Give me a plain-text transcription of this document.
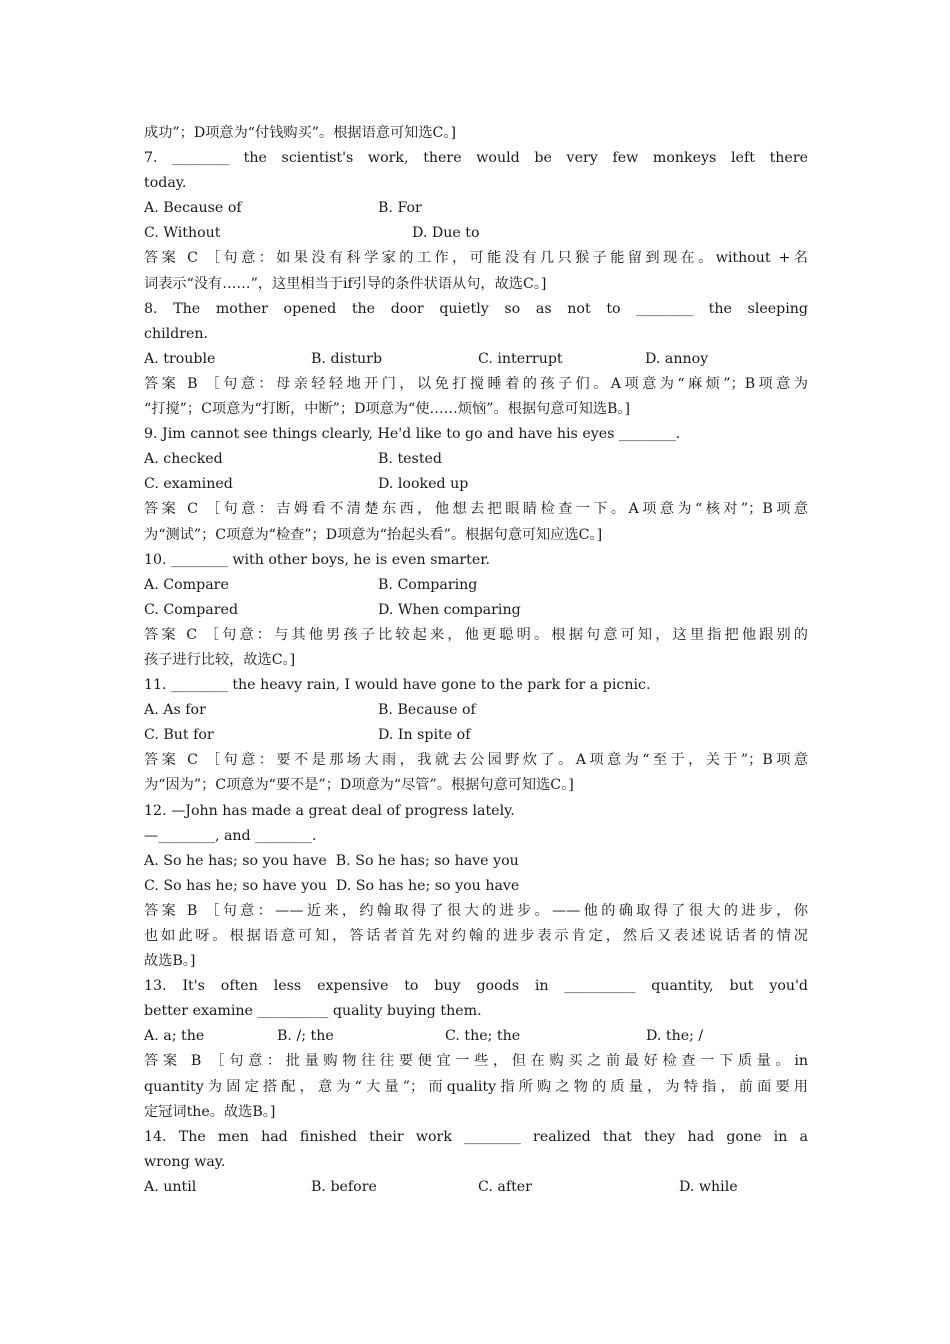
成功”；D项意为“付钱购买”。根据语意可知选C。]
7. ________ the scientist's work, there would be very few monkeys left there
today.
A. Because of	B. For
C. Without	D. Due to
答案 C ［句意：如果没有科学家的工作，可能没有几只猴子能留到现在。without +名
词表示“没有……”，这里相当于if引导的条件状语从句，故选C。]
8. The mother opened the door quietly so as not to ________ the sleeping
children.
A. trouble	B. disturb	C. interrupt	D. annoy
答案 B ［句意：母亲轻轻地开门，以免打搅睡着的孩子们。A项意为“麻烦”；B项意为
“打搅”；C项意为“打断，中断”；D项意为“使……烦恼”。根据句意可知选B。]
9. Jim cannot see things clearly, He'd like to go and have his eyes ________.
A. checked	B. tested
C. examined	D. looked up
答案 C ［句意：吉姆看不清楚东西，他想去把眼睛检查一下。A项意为“核对”；B项意
为“测试”；C项意为“检查”；D项意为“抬起头看”。根据句意可知应选C。]
10. ________ with other boys, he is even smarter.
A. Compare	B. Comparing
C. Compared	D. When comparing
答案 C ［句意：与其他男孩子比较起来，他更聪明。根据句意可知，这里指把他跟别的
孩子进行比较，故选C。]
11. ________ the heavy rain, I would have gone to the park for a picnic.
A. As for	B. Because of
C. But for	D. In spite of
答案 C ［句意：要不是那场大雨，我就去公园野炊了。A项意为“至于，关于”；B项意
为“因为”；C项意为“要不是”；D项意为“尽管”。根据句意可知选C。]
12. —John has made a great deal of progress lately.
—________, and ________.
A. So he has; so you have  B. So he has; so have you
C. So has he; so have you  D. So has he; so you have
答案 B ［句意：——近来，约翰取得了很大的进步。——他的确取得了很大的进步，你
也如此呀。根据语意可知，答话者首先对约翰的进步表示肯定，然后又表述说话者的情况
故选B。]
13. It's often less expensive to buy goods in __________ quantity, but you'd
better examine __________ quality buying them.
A. a; the	B. /; the	C. the; the	D. the; /
答案 B ［句意：批量购物往往要便宜一些，但在购买之前最好检查一下质量。in
quantity为固定搭配，意为“大量”；而quality指所购之物的质量，为特指，前面要用
定冠词the。故选B。]
14. The men had finished their work ________ realized that they had gone in a
wrong way.
A. until	B. before	C. after	D. while
